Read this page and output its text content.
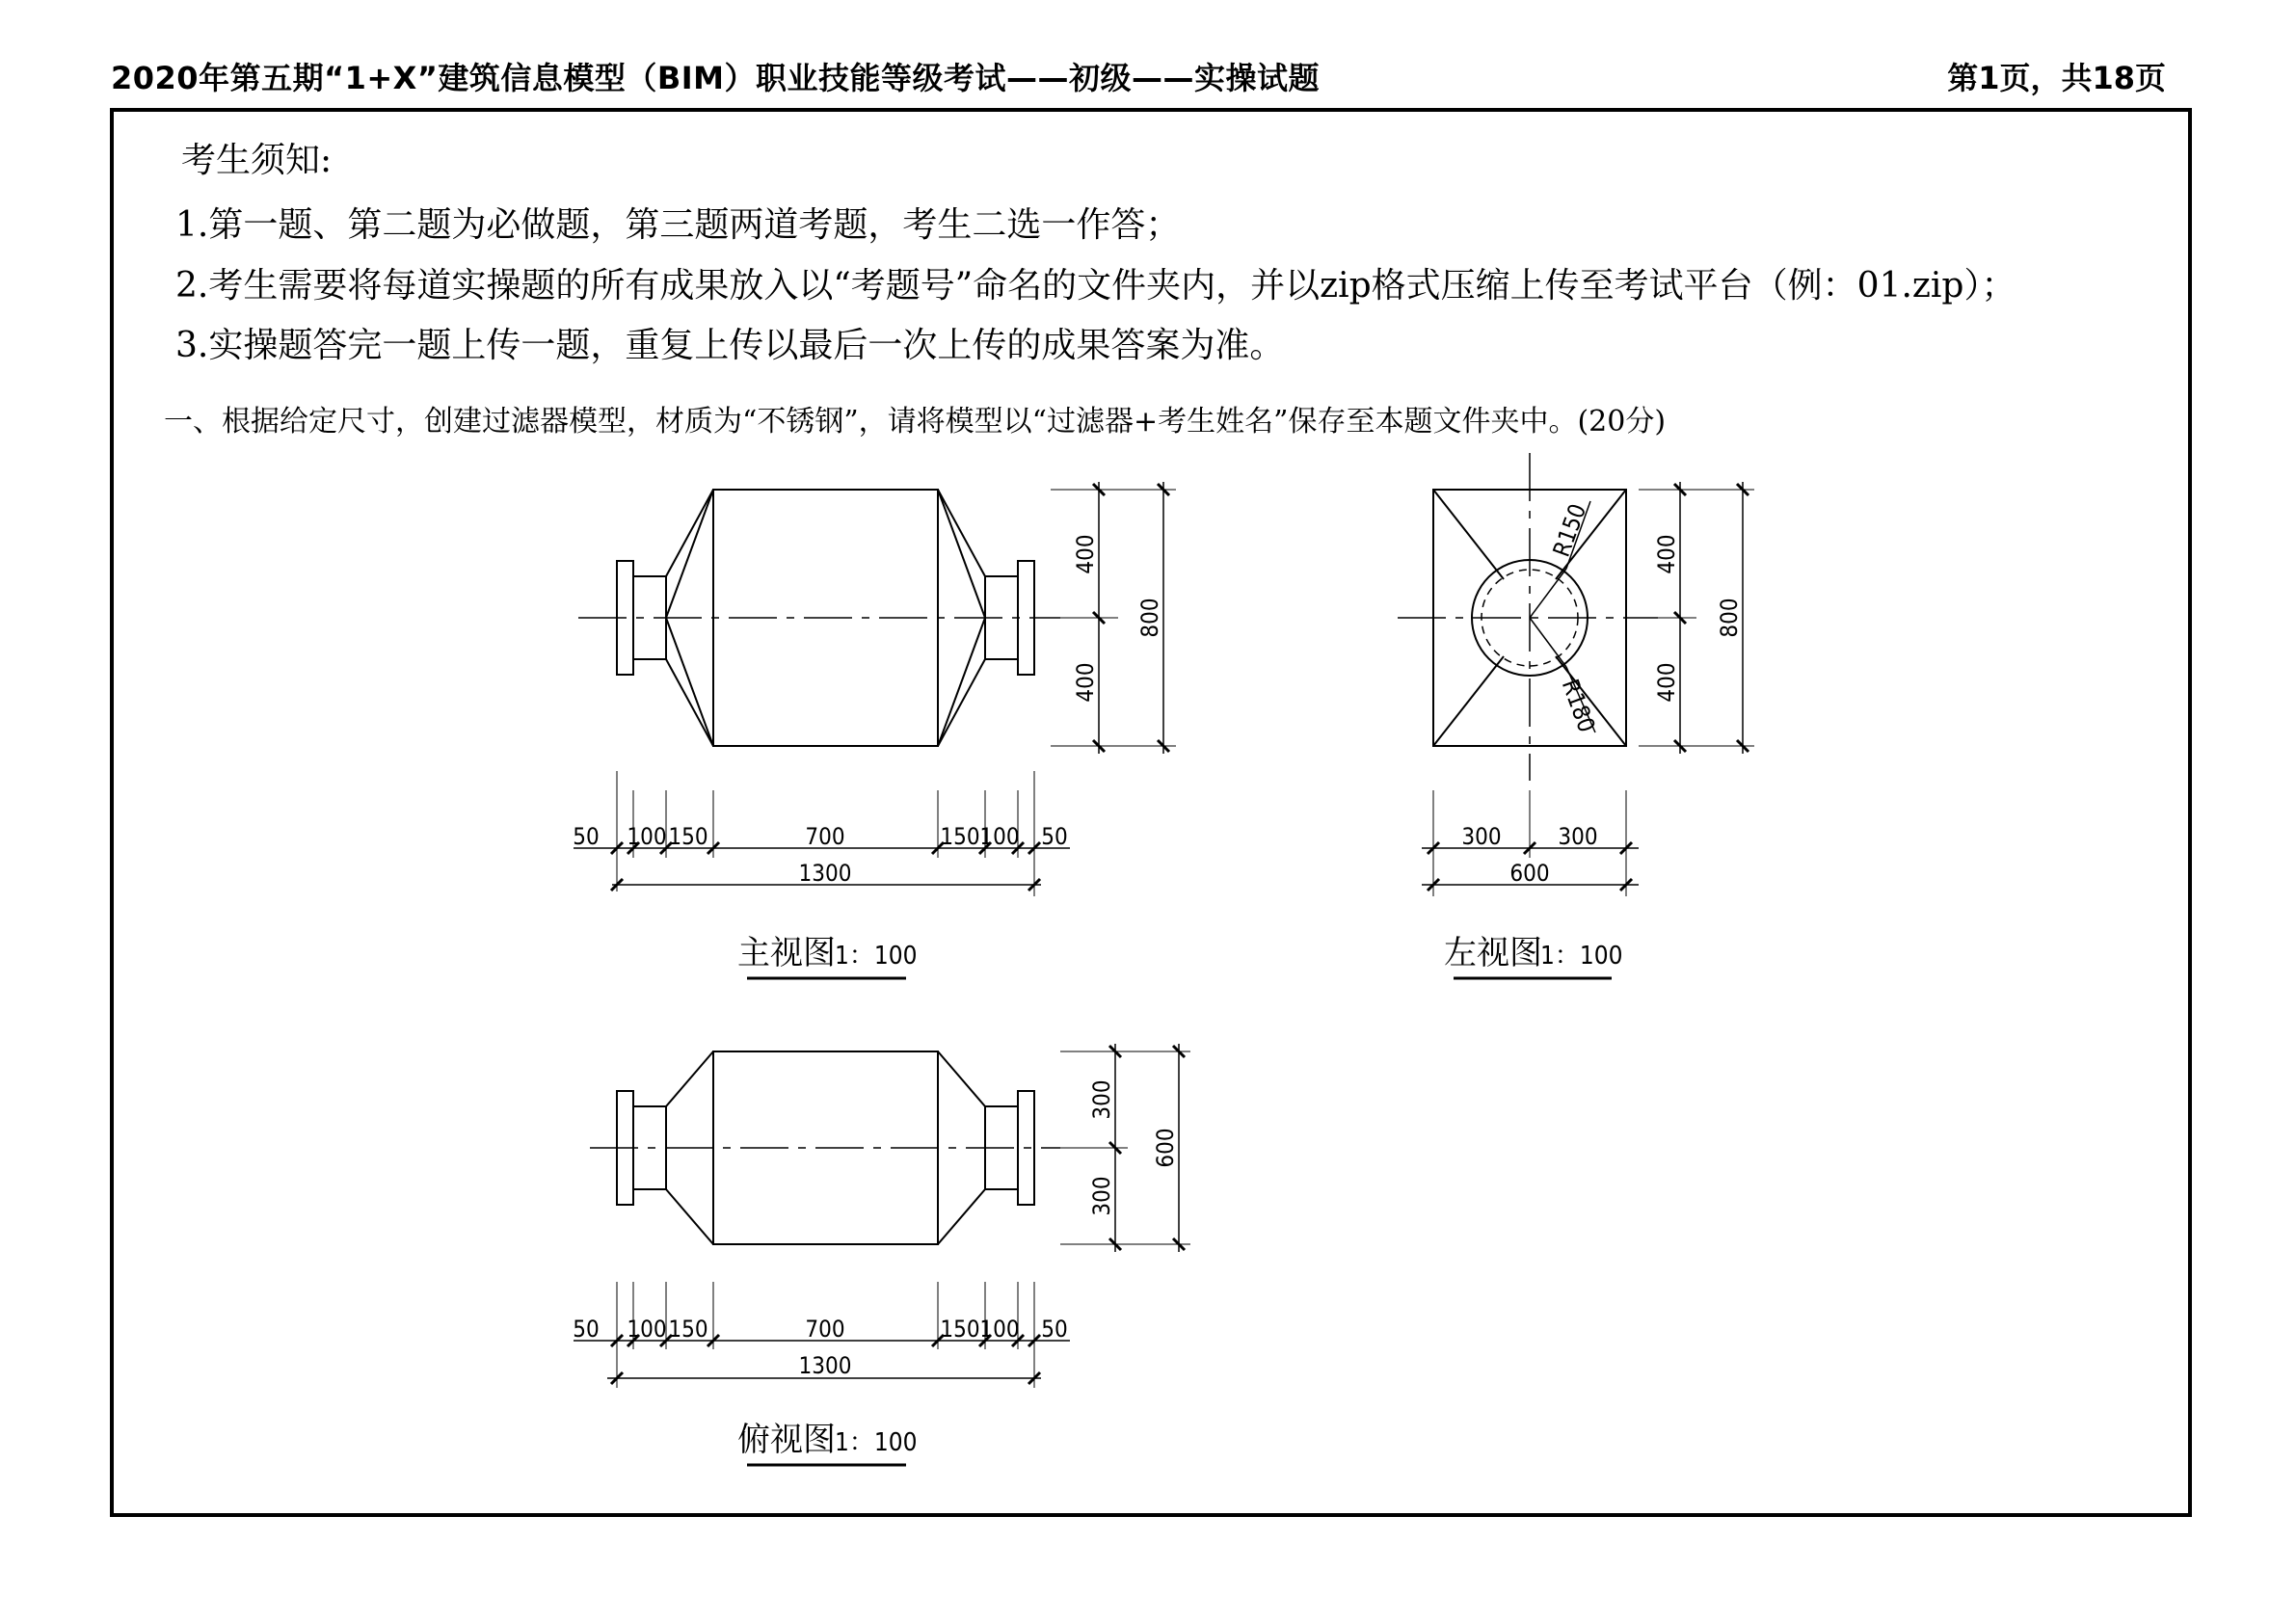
2020年第五期“1+X”建筑信息模型（BIM）职业技能等级考试——初级——实操试题	第1页，共18页
考生须知:
1.第一题、第二题为必做题，第三题两道考题，考生二选一作答；
2.考生需要将每道实操题的所有成果放入以“考题号”命名的文件夹内，并以zip格式压缩上传至考试平台（例：01.zip）；
3.实操题答完一题上传一题，重复上传以最后一次上传的成果答案为准。
一、根据给定尺寸，创建过滤器模型，材质为“不锈钢”，请将模型以“过滤器+考生姓名”保存至本题文件夹中。(20分)
50 100 150	700	150 100 50
1300
400
400
800
300 300
600
400
400
800
R150
R180
50 100 150	700	150 100 50
1300
300
300
600
主视图 1：100	左视图
1：100
俯视图 1：100
